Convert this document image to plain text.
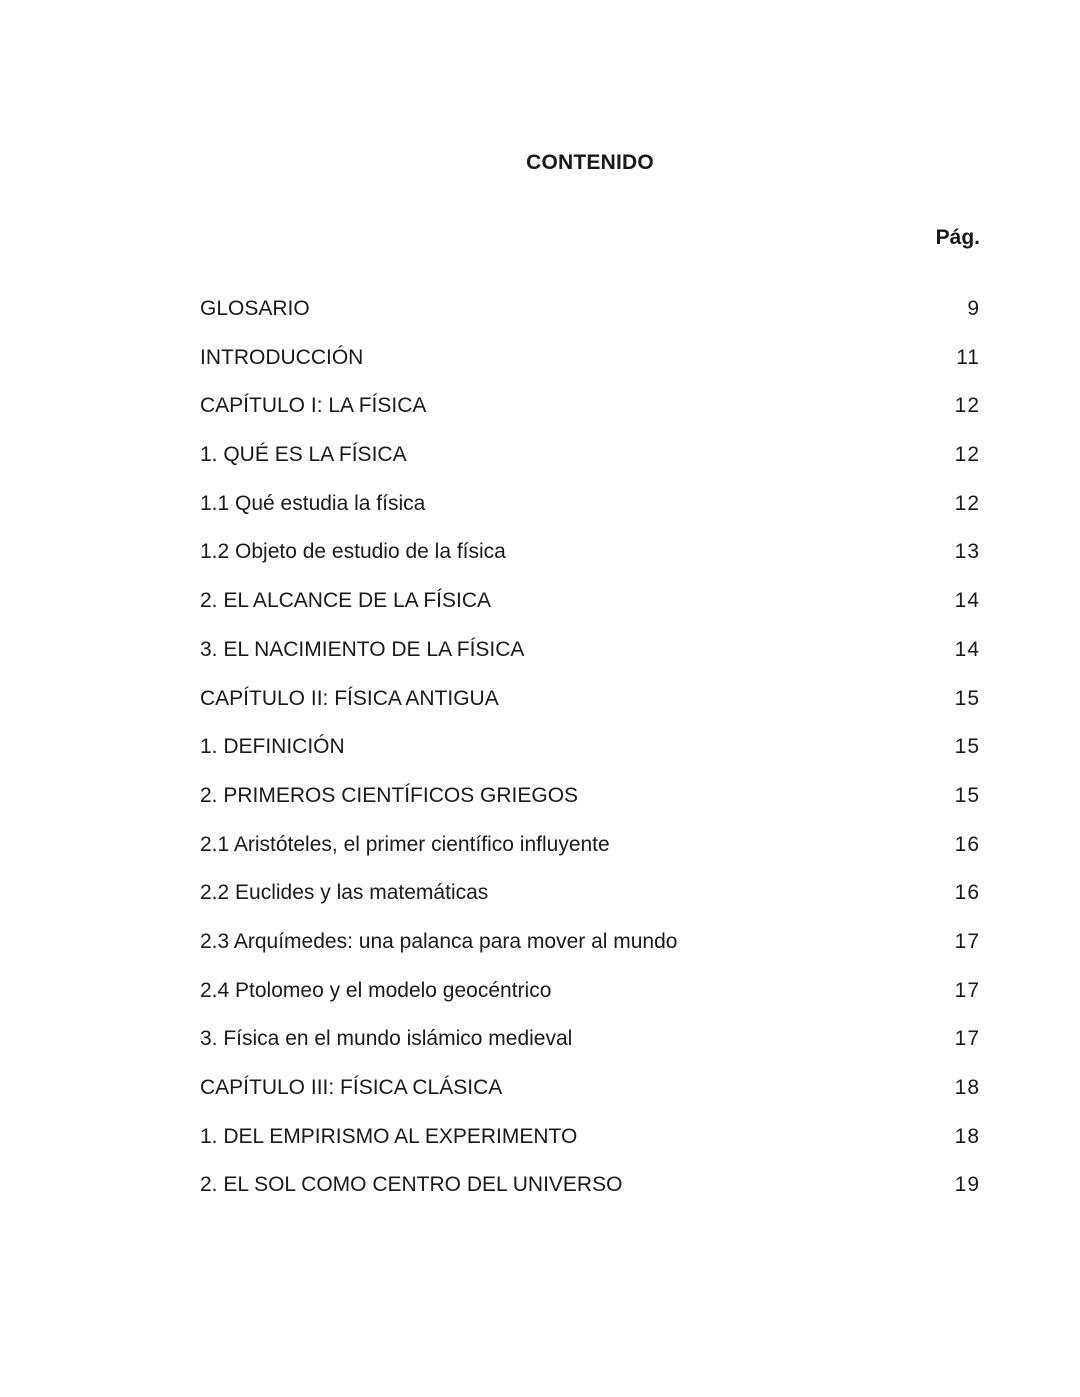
CONTENIDO
Pág.
GLOSARIO	9
INTRODUCCIÓN	11
CAPÍTULO I: LA FÍSICA	12
1. QUÉ ES LA FÍSICA	12
1.1 Qué estudia la física	12
1.2 Objeto de estudio de la física	13
2. EL ALCANCE DE LA FÍSICA	14
3. EL NACIMIENTO DE LA FÍSICA	14
CAPÍTULO II: FÍSICA ANTIGUA	15
1. DEFINICIÓN	15
2. PRIMEROS CIENTÍFICOS GRIEGOS	15
2.1 Aristóteles, el primer científico influyente	16
2.2 Euclides y las matemáticas	16
2.3 Arquímedes: una palanca para mover al mundo	17
2.4 Ptolomeo y el modelo geocéntrico	17
3. Física en el mundo islámico medieval	17
CAPÍTULO III: FÍSICA CLÁSICA	18
1. DEL EMPIRISMO AL EXPERIMENTO	18
2. EL SOL COMO CENTRO DEL UNIVERSO	19
